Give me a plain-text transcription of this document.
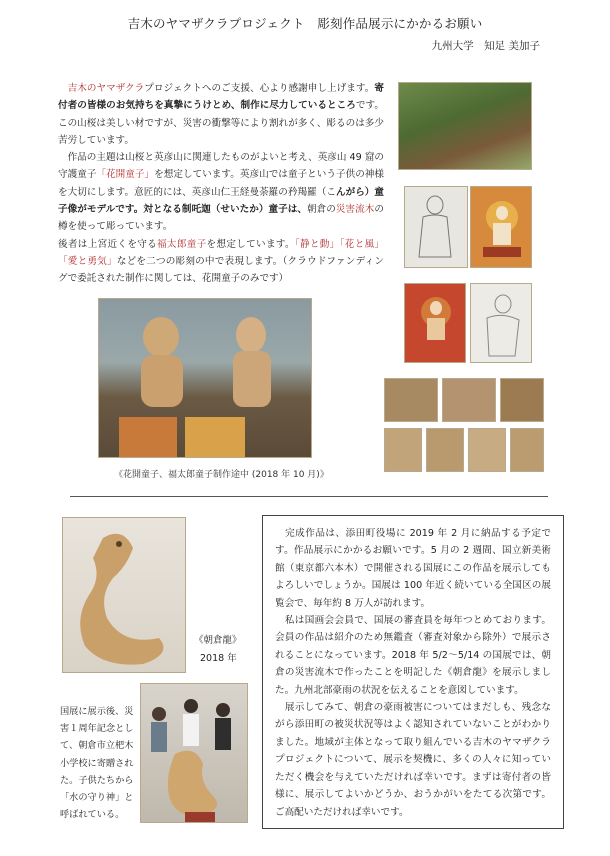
吉木のヤマザクラプロジェクト　彫刻作品展示にかかるお願い
九州大学　知足 美加子

　吉木のヤマザクラプロジェクトへのご支援、心より感謝申し上げます。寄付者の皆様のお気持ちを真摯にうけとめ、制作に尽力しているところです。この山桜は美しい材ですが、災害の衝撃等により割れが多く、彫るのは多少苦労しています。

　作品の主題は山桜と英彦山に関連したものがよいと考え、英彦山 49 窟の守護童子「花開童子」を想定しています。英彦山では童子という子供の神様を大切にします。意匠的には、英彦山仁王経曼荼羅の矜羯羅（こんがら）童子像がモデルです。対となる制吒迦（せいたか）童子は、朝倉の災害流木の樽を使って彫っています。

後者は上宮近くを守る福太郎童子を想定しています。「静と動」「花と風」「愛と勇気」などを二つの彫刻の中で表現します。（クラウドファンディングで委託された制作に関しては、花開童子のみです）

《花開童子、福太郎童子制作途中 (2018 年 10 月)》
《朝倉龍》
2018 年
国展に展示後、災害１周年記念として、朝倉市立杷木小学校に寄贈された。子供たちから「水の守り神」と呼ばれている。

　完成作品は、添田町役場に 2019 年 2 月に納品する予定です。作品展示にかかるお願いです。5 月の 2 週間、国立新美術館（東京都六本木）で開催される国展にこの作品を展示してもよろしいでしょうか。国展は 100 年近く続いている全国区の展覧会で、毎年約 8 万人が訪れます。

　私は国画会会員で、国展の審査員を毎年つとめております。会員の作品は紹介のため無鑑査（審査対象から除外）で展示されることになっています。2018 年 5/2～5/14 の国展では、朝倉の災害流木で作ったことを明記した《朝倉龍》を展示しました。九州北部豪雨の状況を伝えることを意図しています。

　展示してみて、朝倉の豪雨被害についてはまだしも、残念ながら添田町の被災状況等はよく認知されていないことがわかりました。地域が主体となって取り組んでいる吉木のヤマザクラプロジェクトについて、展示を契機に、多くの人々に知っていただく機会を与えていただければ幸いです。まずは寄付者の皆様に、展示してよいかどうか、おうかがいをたてる次第です。ご高配いただければ幸いです。
